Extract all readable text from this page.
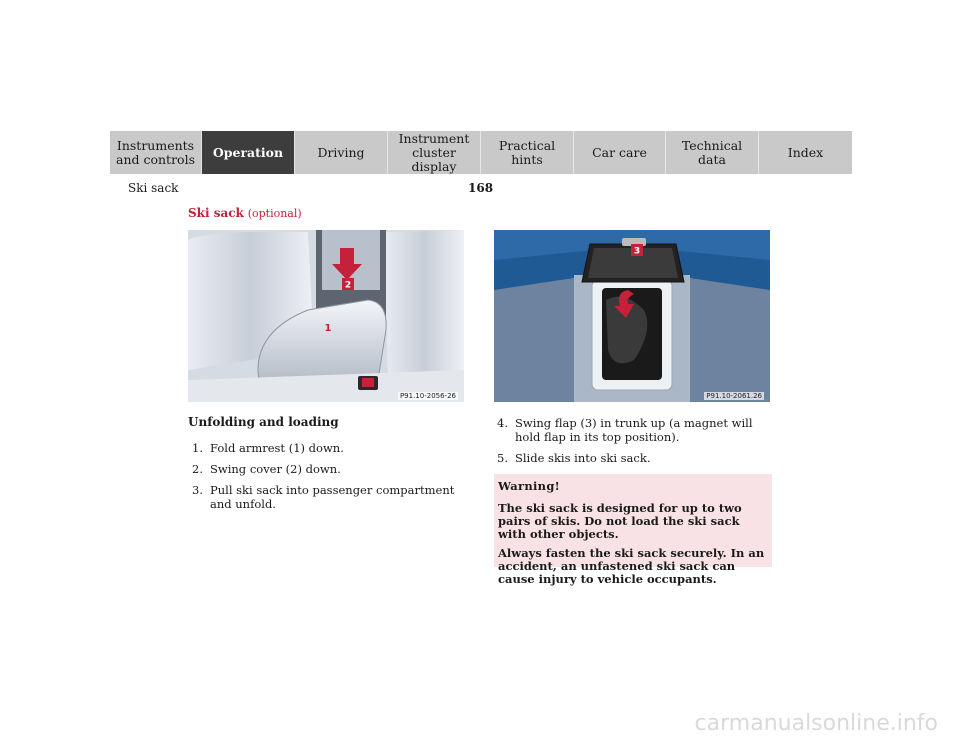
Instruments
and controls Operation	Driving
Instrument
cluster display
Practical hints	Car care	Technical
data	Index
Ski sack	168
Ski sack (optional)
2
1
P91.10-2056-26
3
P91.10-2061.26
Unfolding and loading
1. Fold armrest (1) down.
2. Swing cover (2) down.
3. Pull ski sack into passenger compartment and unfold.
4. Swing flap (3) in trunk up (a magnet will hold flap in its top position).
5. Slide skis into ski sack.

Warning!

The ski sack is designed for up to two pairs of skis. Do not load the ski sack with other objects.

Always fasten the ski sack securely. In an accident, an unfastened ski sack can cause injury to vehicle occupants.

carmanualsonline.info
